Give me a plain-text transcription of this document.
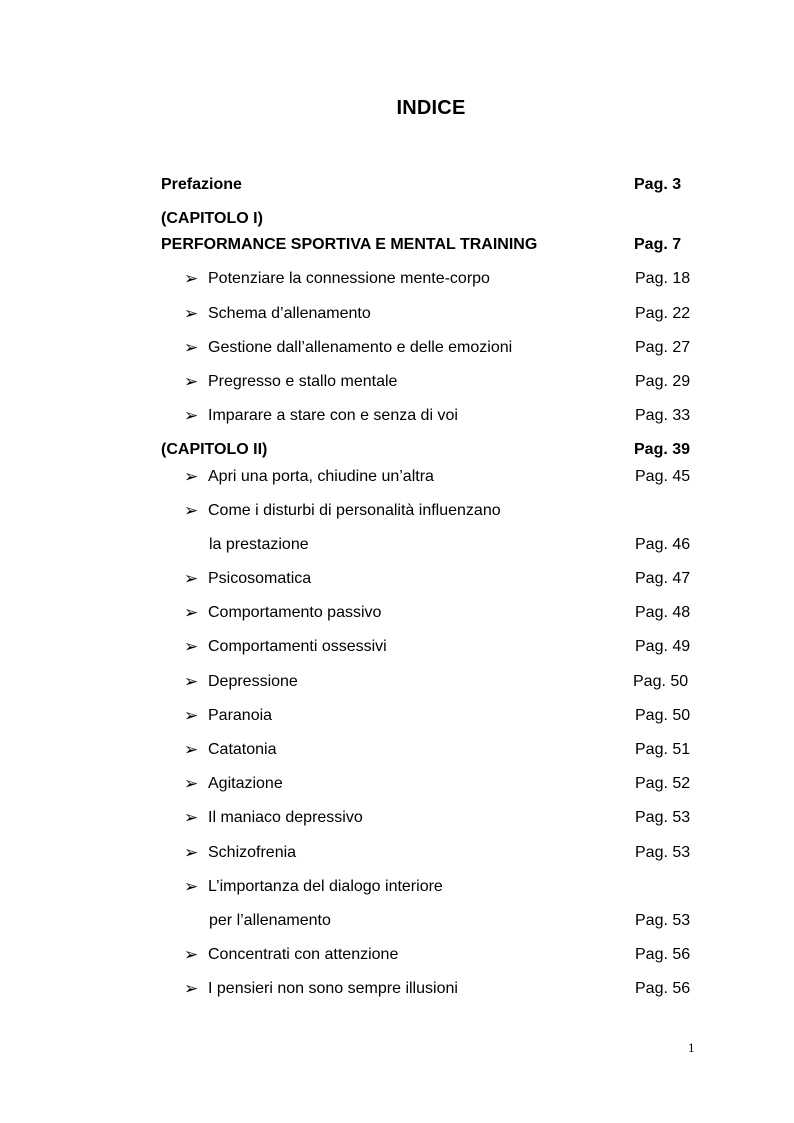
INDICE
Prefazione	Pag. 3
(CAPITOLO I)
PERFORMANCE SPORTIVA E MENTAL TRAINING	Pag. 7
➢ Potenziare la connessione mente-corpo	Pag. 18
➢ Schema d’allenamento	Pag. 22
➢ Gestione dall’allenamento e delle emozioni	Pag. 27
➢ Pregresso e stallo mentale	Pag. 29
➢ Imparare a stare con e senza di voi	Pag. 33
(CAPITOLO II)	Pag. 39
➢ Apri una porta, chiudine un’altra	Pag. 45
➢ Come i disturbi di personalità influenzano
la prestazione	Pag. 46
➢ Psicosomatica	Pag. 47
➢ Comportamento passivo	Pag. 48
➢ Comportamenti ossessivi	Pag. 49
➢ Depressione	Pag. 50
➢ Paranoia	Pag. 50
➢ Catatonia	Pag. 51
➢ Agitazione	Pag. 52
➢ Il maniaco depressivo	Pag. 53
➢ Schizofrenia	Pag. 53
➢ L’importanza del dialogo interiore
per l’allenamento	Pag. 53
➢ Concentrati con attenzione	Pag. 56
➢ I pensieri non sono sempre illusioni	Pag. 56
1
